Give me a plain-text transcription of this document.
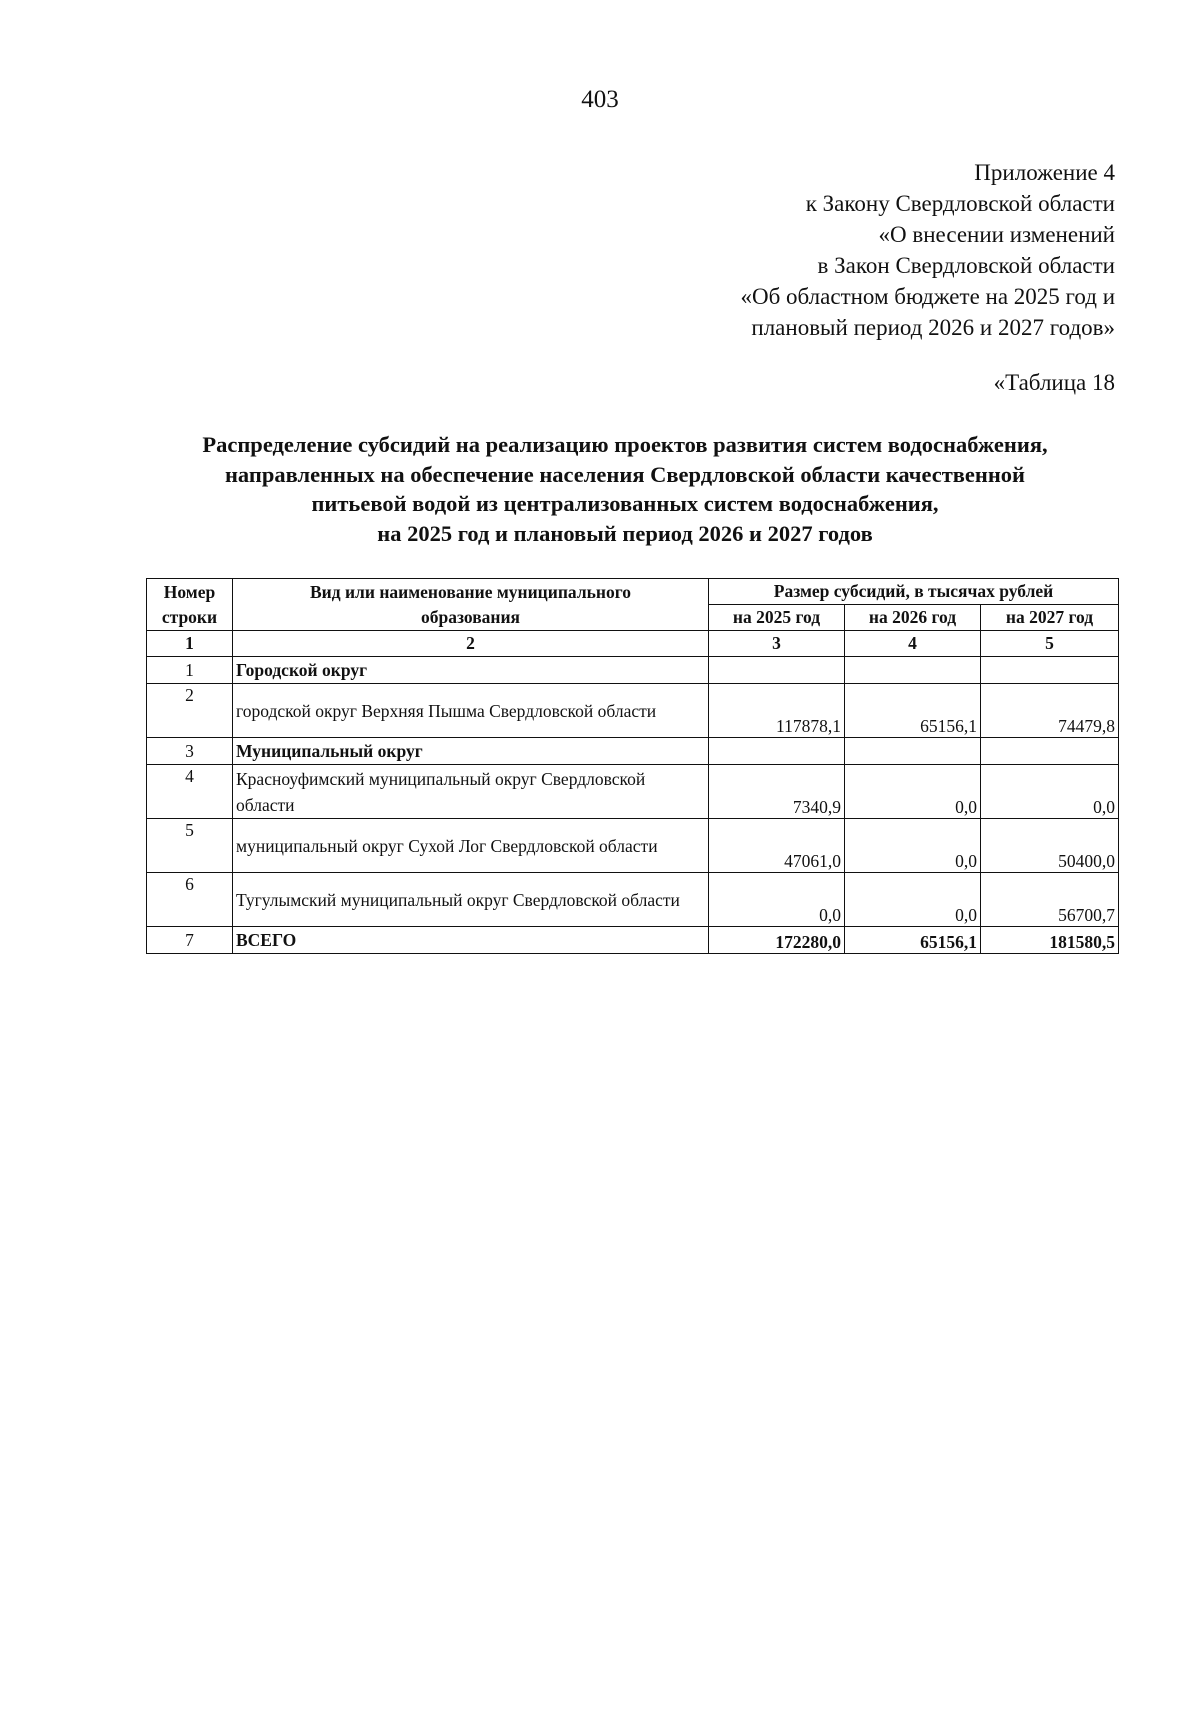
403
Приложение 4
к Закону Свердловской области
«О внесении изменений
в Закон Свердловской области
«Об областном бюджете на 2025 год и
плановый период 2026 и 2027 годов»
«Таблица 18
Распределение субсидий на реализацию проектов развития систем водоснабжения,
направленных на обеспечение населения Свердловской области качественной
питьевой водой из централизованных систем водоснабжения,
на 2025 год и плановый период 2026 и 2027 годов
Номер строки	Вид или наименование муниципального образования	Размер субсидий, в тысячах рублей		
		на 2025 год	на 2026 год	на 2027 год
1	2	3	4	5
1	Городской округ			
2	городской округ Верхняя Пышма Свердловской области	117878,1	65156,1	74479,8
3	Муниципальный округ			
4	Красноуфимский муниципальный округ Свердловской области	7340,9	0,0	0,0
5	муниципальный округ Сухой Лог Свердловской области	47061,0	0,0	50400,0
6	Тугулымский муниципальный округ Свердловской области	0,0	0,0	56700,7
7	ВСЕГО	172280,0	65156,1	181580,5
